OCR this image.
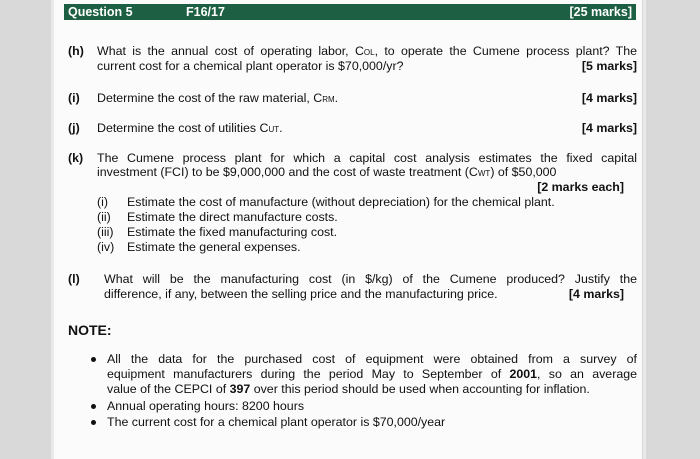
Question 5	F16/17	[25 marks]
(h) What is the annual cost of operating labor, COL, to operate the Cumene process plant? The
current cost for a chemical plant operator is $70,000/yr?	[5 marks]
(i) Determine the cost of the raw material, CRM.	[4 marks]
(j) Determine the cost of utilities CUT.	[4 marks]
(k) The Cumene process plant for which a capital cost analysis estimates the fixed capital
investment (FCI) to be $9,000,000 and the cost of waste treatment (CWT) of $50,000
[2 marks each]
(i) Estimate the cost of manufacture (without depreciation) for the chemical plant.
(ii) Estimate the direct manufacture costs.
(iii) Estimate the fixed manufacturing cost.
(iv) Estimate the general expenses.
(l) What will be the manufacturing cost (in $/kg) of the Cumene produced? Justify the
difference, if any, between the selling price and the manufacturing price.	[4 marks]
NOTE:
All the data for the purchased cost of equipment were obtained from a survey of
equipment manufacturers during the period May to September of 2001, so an average
value of the CEPCI of 397 over this period should be used when accounting for inflation.
Annual operating hours: 8200 hours
The current cost for a chemical plant operator is $70,000/year
